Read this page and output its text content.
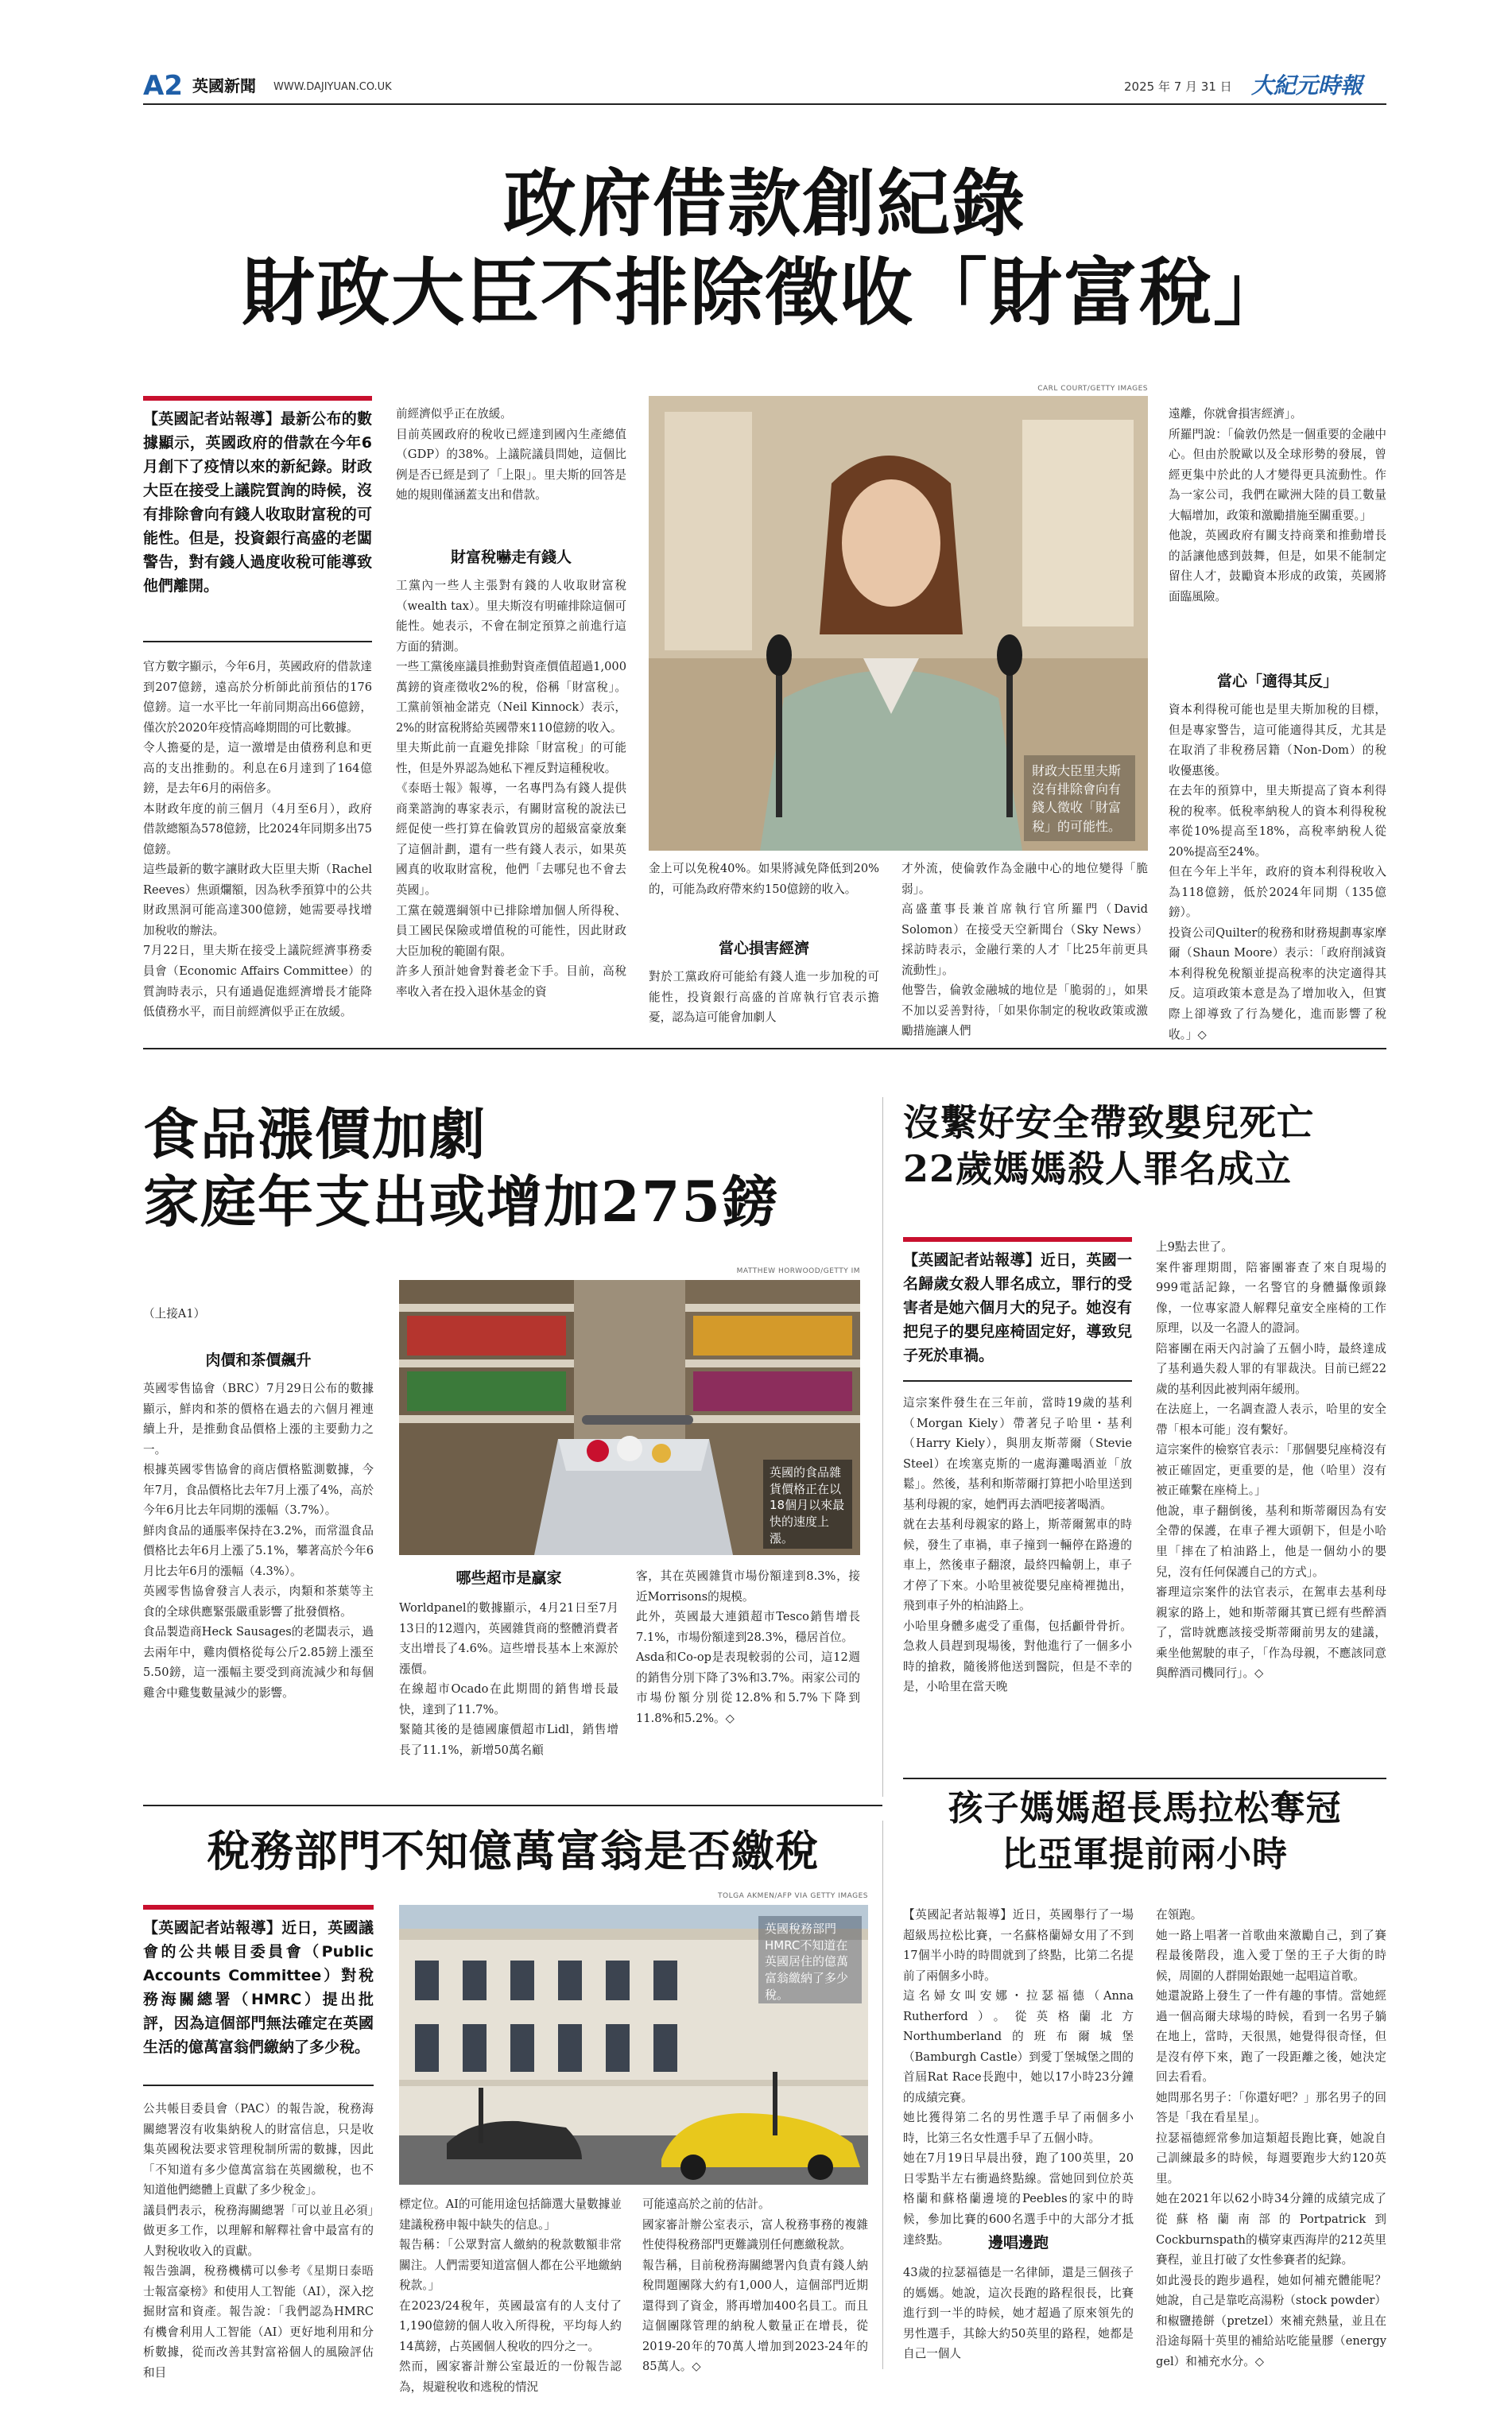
A2 英國新聞 WWW.DAJIYUAN.CO.UK	2025 年 7 月 31 日 大紀元時報
政府借款創紀錄
財政大臣不排除徵收「財富稅」
【英國記者站報導】最新公布的數據顯示，英國政府的借款在今年6月創下了疫情以來的新紀錄。財政大臣在接受上議院質詢的時候，沒有排除會向有錢人收取財富稅的可能性。但是，投資銀行高盛的老闆警告，對有錢人過度收稅可能導致他們離開。
官方數字顯示，今年6月，英國政府的借款達到207億鎊，遠高於分析師此前預估的176億鎊。這一水平比一年前同期高出66億鎊，僅次於2020年疫情高峰期間的可比數據。
令人擔憂的是，這一激增是由債務利息和更高的支出推動的。利息在6月達到了164億鎊，是去年6月的兩倍多。
本財政年度的前三個月（4月至6月），政府借款總額為578億鎊，比2024年同期多出75億鎊。
這些最新的數字讓財政大臣里夫斯（Rachel Reeves）焦頭爛額，因為秋季預算中的公共財政黑洞可能高達300億鎊，她需要尋找增加稅收的辦法。
7月22日，里夫斯在接受上議院經濟事務委員會（Economic Affairs Committee）的質詢時表示，只有通過促進經濟增長才能降低債務水平，而目前經濟似乎正在放緩。
前經濟似乎正在放緩。
目前英國政府的稅收已經達到國內生產總值（GDP）的38%。上議院議員問她，這個比例是否已經是到了「上限」。里夫斯的回答是她的規則僅涵蓋支出和借款。
財富稅嚇走有錢人
工黨內一些人主張對有錢的人收取財富稅（wealth tax）。里夫斯沒有明確排除這個可能性。她表示，不會在制定預算之前進行這方面的猜測。
一些工黨後座議員推動對資產價值超過1,000萬鎊的資產徵收2%的稅，俗稱「財富稅」。工黨前領袖金諾克（Neil Kinnock）表示，2%的財富稅將給英國帶來110億鎊的收入。
里夫斯此前一直避免排除「財富稅」的可能性，但是外界認為她私下裡反對這種稅收。
《泰晤士報》報導，一名專門為有錢人提供商業諮詢的專家表示，有關財富稅的說法已經促使一些打算在倫敦買房的超級富豪放棄了這個計劃，還有一些有錢人表示，如果英國真的收取財富稅，他們「去哪兒也不會去英國」。
工黨在競選綱領中已排除增加個人所得稅、員工國民保險或增值稅的可能性，因此財政大臣加稅的範圍有限。
許多人預計她會對養老金下手。目前，高稅率收入者在投入退休基金的資
CARL COURT/GETTY IMAGES
財政大臣里夫斯沒有排除會向有錢人徵收「財富稅」的可能性。
金上可以免稅40%。如果將減免降低到20%的，可能為政府帶來約150億鎊的收入。
當心損害經濟
對於工黨政府可能給有錢人進一步加稅的可能性，投資銀行高盛的首席執行官表示擔憂，認為這可能會加劇人
才外流，使倫敦作為金融中心的地位變得「脆弱」。
高盛董事長兼首席執行官所羅門（David Solomon）在接受天空新聞台（Sky News）採訪時表示，金融行業的人才「比25年前更具流動性」。
他警告，倫敦金融城的地位是「脆弱的」，如果不加以妥善對待，「如果你制定的稅收政策或激勵措施讓人們
遠離，你就會損害經濟」。
所羅門說：「倫敦仍然是一個重要的金融中心。但由於脫歐以及全球形勢的發展，曾經更集中於此的人才變得更具流動性。作為一家公司，我們在歐洲大陸的員工數量大幅增加，政策和激勵措施至關重要。」
他說，英國政府有關支持商業和推動增長的話讓他感到鼓舞，但是，如果不能制定留住人才，鼓勵資本形成的政策，英國將面臨風險。
當心「適得其反」
資本利得稅可能也是里夫斯加稅的目標，但是專家警告，這可能適得其反，尤其是在取消了非稅務居籍（Non-Dom）的稅收優惠後。
在去年的預算中，里夫斯提高了資本利得稅的稅率。低稅率納稅人的資本利得稅稅率從10%提高至18%，高稅率納稅人從20%提高至24%。
但在今年上半年，政府的資本利得稅收入為118億鎊，低於2024年同期（135億鎊）。
投資公司Quilter的稅務和財務規劃專家摩爾（Shaun Moore）表示：「政府削減資本利得稅免稅額並提高稅率的決定適得其反。這項政策本意是為了增加收入，但實際上卻導致了行為變化，進而影響了稅收。」◇
食品漲價加劇
家庭年支出或增加275鎊
MATTHEW HORWOOD/GETTY IM
（上接A1）
肉價和茶價飆升
英國零售協會（BRC）7月29日公布的數據顯示，鮮肉和茶的價格在過去的六個月裡連續上升，是推動食品價格上漲的主要動力之一。
根據英國零售協會的商店價格監測數據，今年7月，食品價格比去年7月上漲了4%，高於今年6月比去年同期的漲幅（3.7%）。
鮮肉食品的通脹率保持在3.2%，而常溫食品價格比去年6月上漲了5.1%，攀著高於今年6月比去年6月的漲幅（4.3%）。
英國零售協會發言人表示，肉類和茶葉等主食的全球供應緊張嚴重影響了批發價格。
食品製造商Heck Sausages的老闆表示，過去兩年中，雞肉價格從每公斤2.85鎊上漲至5.50鎊，這一漲幅主要受到商流減少和每個雞舍中雞隻數量減少的影響。
英國的食品雜貨價格正在以18個月以來最快的速度上漲。
哪些超市是贏家
Worldpanel的數據顯示，4月21日至7月13日的12週內，英國雜貨商的整體消費者支出增長了4.6%。這些增長基本上來源於漲價。
在線超市Ocado在此期間的銷售增長最快，達到了11.7%。
緊隨其後的是德國廉價超市Lidl，銷售增長了11.1%，新增50萬名顧
客，其在英國雜貨市場份額達到8.3%，接近Morrisons的規模。
此外，英國最大連鎖超市Tesco銷售增長7.1%，市場份額達到28.3%，穩居首位。
Asda和Co-op是表現較弱的公司，這12週的銷售分別下降了3%和3.7%。兩家公司的市場份額分別從12.8%和5.7%下降到11.8%和5.2%。◇
沒繫好安全帶致嬰兒死亡
22歲媽媽殺人罪名成立
【英國記者站報導】近日，英國一名歸歲女殺人罪名成立，罪行的受害者是她六個月大的兒子。她沒有把兒子的嬰兒座椅固定好，導致兒子死於車禍。
這宗案件發生在三年前，當時19歲的基利（Morgan Kiely）帶著兒子哈里・基利（Harry Kiely），與朋友斯蒂爾（Stevie Steel）在埃塞克斯的一處海灘喝酒並「放鬆」。然後，基利和斯蒂爾打算把小哈里送到基利母親的家，她們再去酒吧接著喝酒。
就在去基利母親家的路上，斯蒂爾駕車的時候，發生了車禍，車子撞到一輛停在路邊的車上，然後車子翻滾，最終四輪朝上，車子才停了下來。小哈里被從嬰兒座椅裡拋出，飛到車子外的柏油路上。
小哈里身體多處受了重傷，包括顱骨骨折。急救人員趕到現場後，對他進行了一個多小時的搶救，隨後將他送到醫院，但是不幸的是，小哈里在當天晚
上9點去世了。
案件審理期間，陪審團審查了來自現場的999電話記錄，一名警官的身體攝像頭錄像，一位專家證人解釋兒童安全座椅的工作原理，以及一名證人的證詞。
陪審團在兩天內討論了五個小時，最終達成了基利過失殺人罪的有罪裁決。目前已經22歲的基利因此被判兩年緩刑。
在法庭上，一名調查證人表示，哈里的安全帶「根本可能」沒有繫好。
這宗案件的檢察官表示：「那個嬰兒座椅沒有被正確固定，更重要的是，他（哈里）沒有被正確繫在座椅上。」
他說，車子翻倒後，基利和斯蒂爾因為有安全帶的保護，在車子裡大頭朝下，但是小哈里「摔在了柏油路上，他是一個幼小的嬰兒，沒有任何保護自己的方式」。
審理這宗案件的法官表示，在駕車去基利母親家的路上，她和斯蒂爾其實已經有些醉酒了，當時就應該接受斯蒂爾前男友的建議，乘坐他駕駛的車子，「作為母親，不應該同意與醉酒司機同行」。◇
稅務部門不知億萬富翁是否繳稅
【英國記者站報導】近日，英國議會的公共帳目委員會（Public Accounts Committee）對稅務海關總署（HMRC）提出批評，因為這個部門無法確定在英國生活的億萬富翁們繳納了多少稅。
公共帳目委員會（PAC）的報告說，稅務海關總署沒有收集納稅人的財富信息，只是收集英國稅法要求管理稅制所需的數據，因此「不知道有多少億萬富翁在英國繳稅，也不知道他們總體上貢獻了多少稅金」。
議員們表示，稅務海關總署「可以並且必須」做更多工作，以理解和解釋社會中最富有的人對稅收收入的貢獻。
報告強調，稅務機構可以參考《星期日泰晤士報富豪榜》和使用人工智能（AI），深入挖掘財富和資產。報告說：「我們認為HMRC有機會利用人工智能（AI）更好地利用和分析數據，從而改善其對富裕個人的風險評估和目
TOLGA AKMEN/AFP VIA GETTY IMAGES
英國稅務部門HMRC不知道在英國居住的億萬富翁繳納了多少稅。
標定位。AI的可能用途包括篩選大量數據並建議稅務申報中缺失的信息。」
報告稱：「公眾對富人繳納的稅款數額非常關注。人們需要知道富個人都在公平地繳納稅款。」
在2023/24稅年，英國最富有的人支付了1,190億鎊的個人收入所得稅，平均每人約14萬鎊，占英國個人稅收的四分之一。
然而，國家審計辦公室最近的一份報告認為，規避稅收和逃稅的情況
可能遠高於之前的估計。
國家審計辦公室表示，富人稅務事務的複雜性使得稅務部門更難識別任何應繳稅款。
報告稱，目前稅務海關總署內負責有錢人納稅問題團隊大約有1,000人，這個部門近期還得到了資金，將再增加400名員工。而且這個團隊管理的納稅人數量正在增長，從2019-20年的70萬人增加到2023-24年的85萬人。◇
孩子媽媽超長馬拉松奪冠
比亞軍提前兩小時
【英國記者站報導】近日，英國舉行了一場超級馬拉松比賽，一名蘇格蘭婦女用了不到17個半小時的時間就到了終點，比第二名提前了兩個多小時。
這名婦女叫安娜・拉瑟福德（Anna Rutherford）。從英格蘭北方Northumberland的班布爾城堡（Bamburgh Castle）到愛丁堡城堡之間的首屆Rat Race長跑中，她以17小時23分鐘的成績完賽。
她比獲得第二名的男性選手早了兩個多小時，比第三名女性選手早了五個小時。
她在7月19日早晨出發，跑了100英里，20日零點半左右衝過終點線。當她回到位於英格蘭和蘇格蘭邊境的Peebles的家中的時候，參加比賽的600名選手中的大部分才抵達終點。	邊唱邊跑
43歲的拉瑟福德是一名律師，還是三個孩子的媽媽。她說，這次長跑的路程很長，比賽進行到一半的時候，她才超過了原來領先的男性選手，其餘大約50英里的路程，她都是自己一個人
在領跑。
她一路上唱著一首歌曲來激勵自己，到了賽程最後階段，進入愛丁堡的王子大街的時候，周圍的人群開始跟她一起唱這首歌。
她還說路上發生了一件有趣的事情。當她經過一個高爾夫球場的時候，看到一名男子躺在地上，當時，天很黑，她覺得很奇怪，但是沒有停下來，跑了一段距離之後，她決定回去看看。
她問那名男子：「你還好吧？」那名男子的回答是「我在看星星」。
拉瑟福德經常參加這類超長跑比賽，她說自己訓練最多的時候，每週要跑步大約120英里。
她在2021年以62小時34分鐘的成績完成了從蘇格蘭南部的Portpatrick到Cockburnspath的橫穿東西海岸的212英里賽程，並且打破了女性參賽者的紀錄。
如此漫長的跑步過程，她如何補充體能呢？她說，自己是靠吃高湯粉（stock powder）和椒鹽捲餅（pretzel）來補充熱量，並且在沿途每隔十英里的補給站吃能量膠（energy gel）和補充水分。◇
